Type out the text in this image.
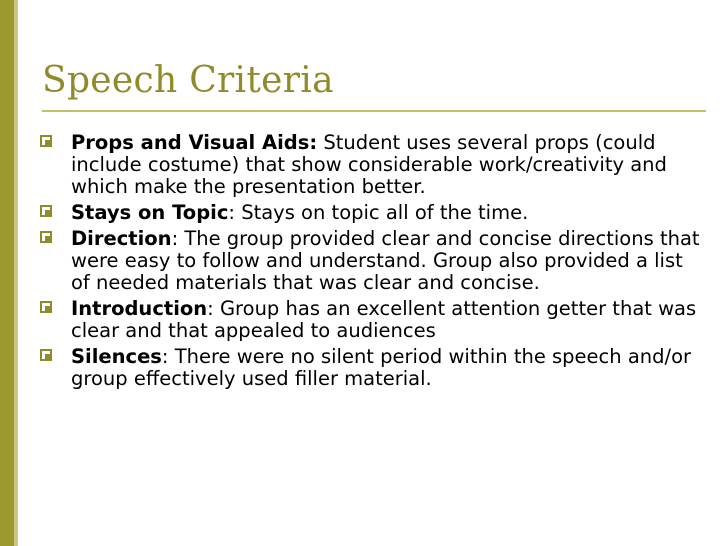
Speech Criteria
Props and Visual Aids: Student uses several props (could include costume) that show considerable work/creativity and which make the presentation better.
Stays on Topic: Stays on topic all of the time.
Direction: The group provided clear and concise directions that were easy to follow and understand. Group also provided a list of needed materials that was clear and concise.
Introduction: Group has an excellent attention getter that was clear and that appealed to audiences
Silences: There were no silent period within the speech and/or group effectively used filler material.
